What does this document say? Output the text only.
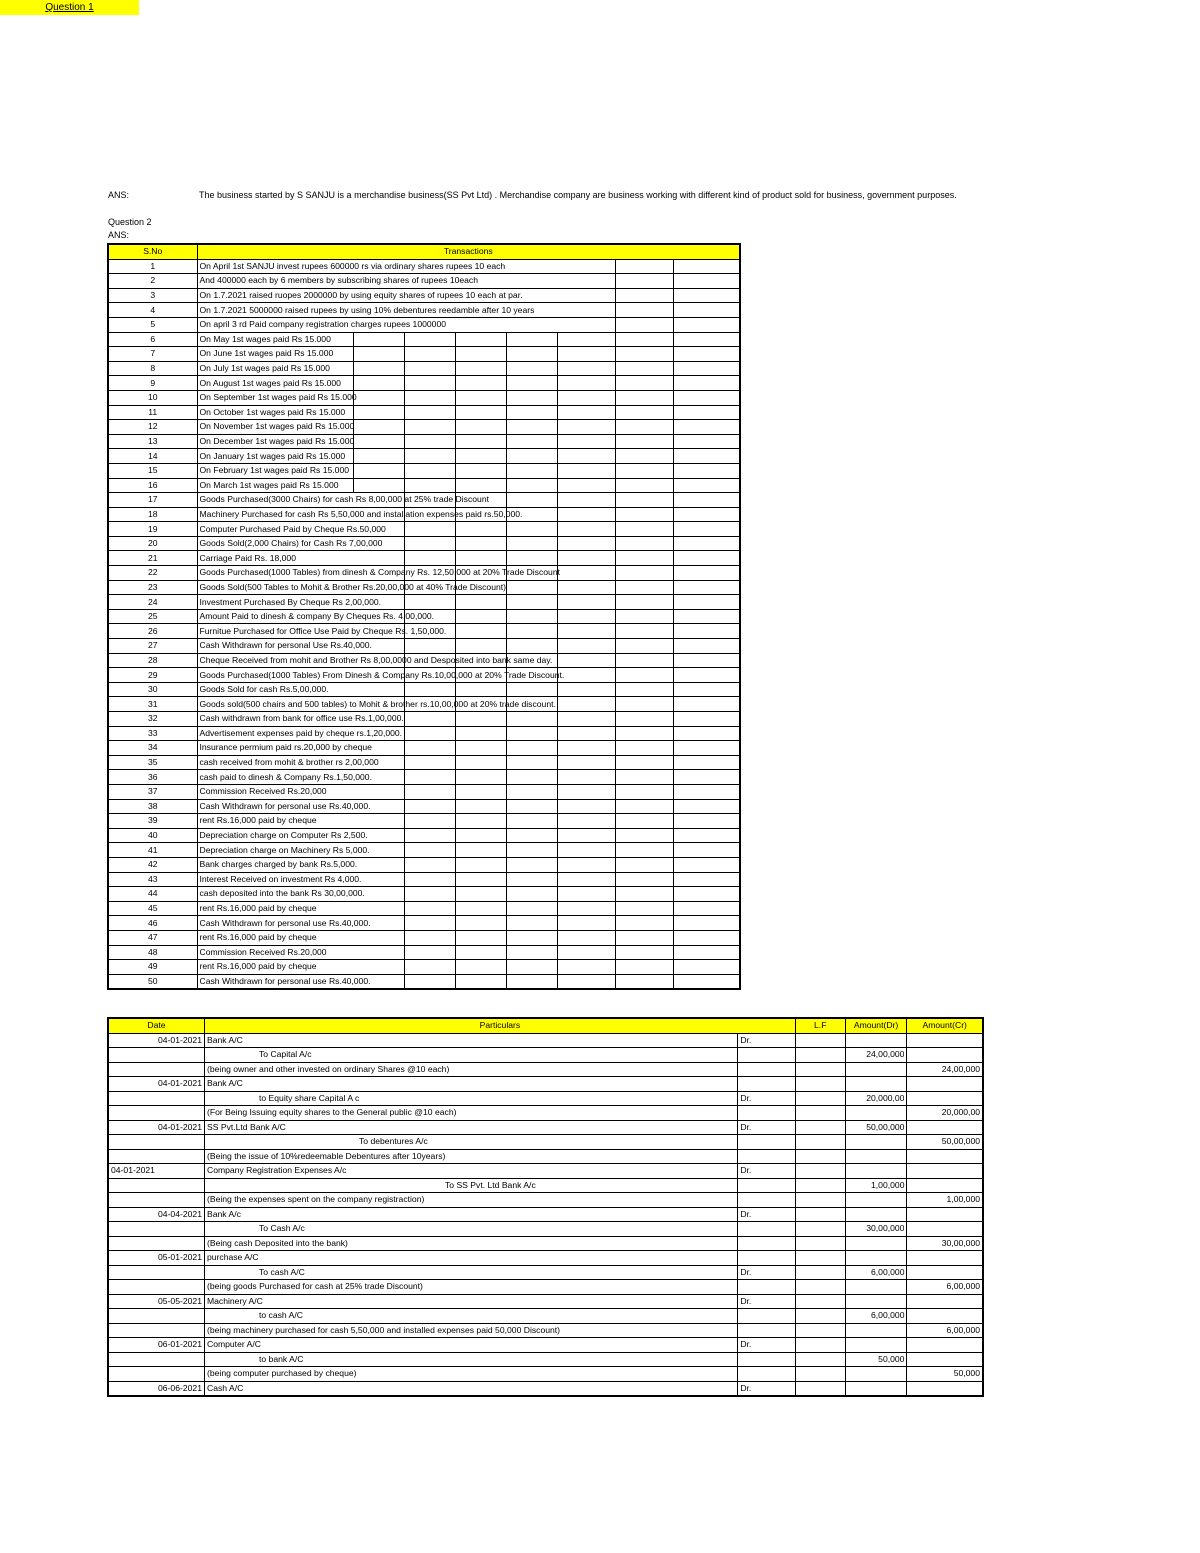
Question 1
ANS:	The business started by S SANJU is a merchandise business(SS Pvt Ltd) . Merchandise company are business working with different kind of product sold for business, government purposes.
Question 2
ANS:
S.No	Transactions							
1	On April 1st SANJU invest rupees 600000 rs via ordinary shares rupees 10 each							
2	And 400000 each by 6 members by subscribing shares of rupees 10each							
3	On 1.7.2021 raised ruopes 2000000 by using equity shares of rupees 10 each at par.							
4	On 1.7.2021 5000000 raised rupees by using 10% debentures reedamble after 10 years							
5	On april 3 rd Paid company registration charges rupees 1000000							
6	On May 1st wages paid Rs 15.000							
7	On June 1st wages paid Rs 15.000							
8	On July 1st wages paid Rs 15.000							
9	On August 1st wages paid Rs 15.000							
10	On September 1st wages paid Rs 15.000							
11	On October 1st wages paid Rs 15.000							
12	On November 1st wages paid Rs 15.000							
13	On December 1st wages paid Rs 15.000							
14	On January 1st wages paid Rs 15.000							
15	On February 1st wages paid Rs 15.000							
16	On March 1st wages paid Rs 15.000							
17	Goods Purchased(3000 Chairs) for cash Rs 8,00,000 at 25% trade Discount							
18	Machinery Purchased for cash Rs 5,50,000 and installation expenses paid rs.50,000.							
19	Computer Purchased Paid by Cheque Rs.50,000							
20	Goods Sold(2,000 Chairs) for Cash Rs 7,00,000							
21	Carriage Paid Rs. 18,000							
22	Goods Purchased(1000 Tables) from dinesh & Company Rs. 12,50,000 at 20% Trade Discount							
23	Goods Sold(500 Tables to Mohit & Brother Rs.20,00,000 at 40% Trade Discount)							
24	Investment Purchased By Cheque Rs 2,00,000.							
25	Amount Paid to dinesh & company By Cheques Rs. 4,00,000.							
26	Furnitue Purchased for Office Use Paid by Cheque Rs. 1,50,000.							
27	Cash Withdrawn for personal Use Rs.40,000.							
28	Cheque Received from mohit and Brother Rs 8,00,0000 and Desposited into bank same day.							
29	Goods Purchased(1000 Tables) From Dinesh & Company Rs.10,00,000 at 20% Trade Discount.							
30	Goods Sold for cash Rs.5,00,000.							
31	Goods sold(500 chairs and 500 tables) to Mohit & brother rs.10,00,000 at 20% trade discount.							
32	Cash withdrawn from bank for office use Rs.1,00,000.							
33	Advertisement expenses paid by cheque rs.1,20,000.							
34	Insurance permium paid rs.20,000 by cheque							
35	cash received from mohit & brother rs 2,00,000							
36	cash paid to dinesh & Company Rs.1,50,000.							
37	Commission Received Rs.20,000							
38	Cash Withdrawn for personal use Rs.40,000.							
39	rent Rs.16,000 paid by cheque							
40	Depreciation charge on Computer Rs 2,500.							
41	Depreciation charge on Machinery Rs 5,000.							
42	Bank charges charged by bank Rs.5,000.							
43	Interest Received on investment Rs 4,000.							
44	cash deposited into the bank Rs 30,00,000.							
45	rent Rs.16,000 paid by cheque							
46	Cash Withdrawn for personal use Rs.40,000.							
47	rent Rs.16,000 paid by cheque							
48	Commission Received Rs.20,000							
49	rent Rs.16,000 paid by cheque							
50	Cash Withdrawn for personal use Rs.40,000.							
Date	Particulars		L.F	Amount(Dr)	Amount(Cr)
04-01-2021	Bank A/C	Dr.			
	To Capital A/c			24,00,000	
	(being owner and other invested on ordinary Shares @10 each)				24,00,000
04-01-2021	Bank A/C				
	to Equity share Capital A c	Dr.		20,000,00	
	(For Being Issuing equity shares to the General public @10 each)				20,000,00
04-01-2021	SS Pvt.Ltd Bank A/C	Dr.		50,00,000	
	To debentures A/c				50,00,000
	(Being the issue of 10%redeemable Debentures after 10years)				
04-01-2021	Company Registration Expenses A/c	Dr.			
	To SS Pvt. Ltd Bank A/c			1,00,000	
	(Being the expenses spent on the company registraction)				1,00,000
04-04-2021	Bank A/c	Dr.			
	To Cash A/c			30,00,000	
	(Being cash Deposited into the bank)				30,00,000
05-01-2021	purchase A/C				
	To cash A/C	Dr.		6,00,000	
	(being goods Purchased for cash at 25% trade Discount)				6,00,000
05-05-2021	Machinery A/C	Dr.			
	to cash A/C			6,00,000	
	(being machinery purchased for cash 5,50,000 and installed expenses paid 50,000 Discount)				6,00,000
06-01-2021	Computer A/C	Dr.			
	to bank A/C			50,000	
	(being computer purchased by cheque)				50,000
06-06-2021	Cash A/C	Dr.			
